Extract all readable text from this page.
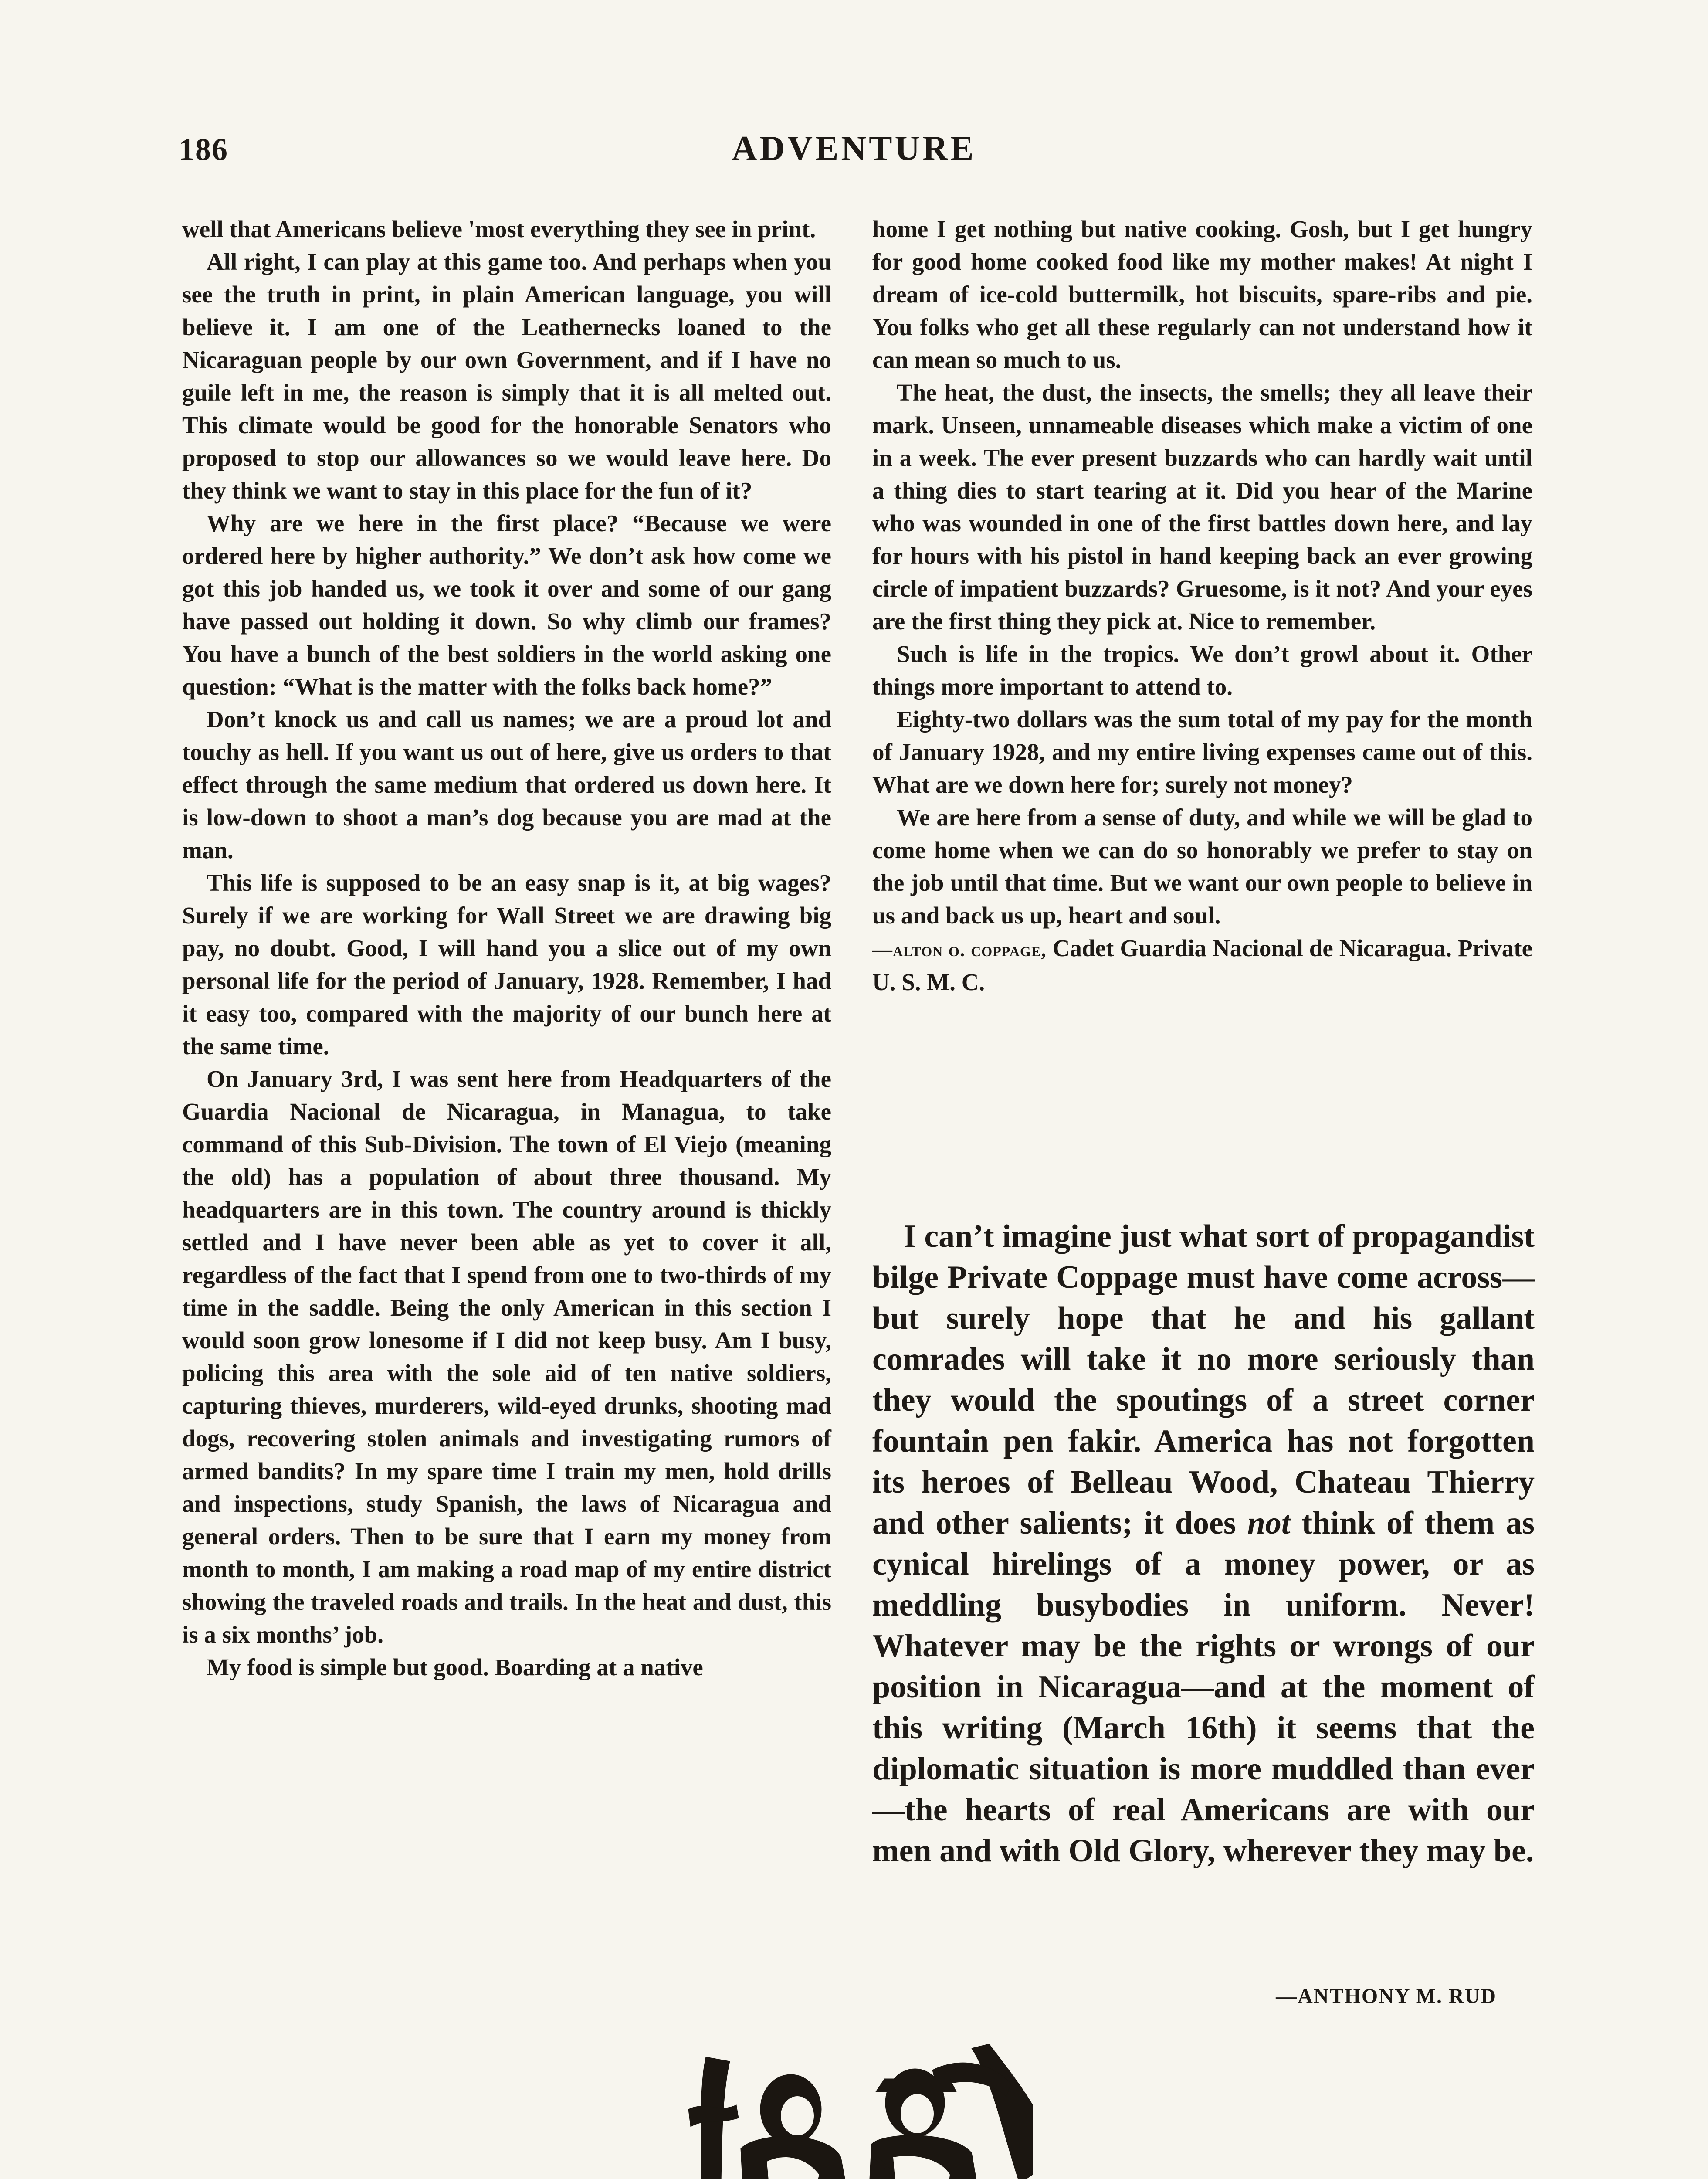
186	ADVENTURE

well that Americans believe 'most everything they see in print.

All right, I can play at this game too. And perhaps when you see the truth in print, in plain American language, you will believe it. I am one of the Leathernecks loaned to the Nicaraguan people by our own Government, and if I have no guile left in me, the reason is simply that it is all melted out. This climate would be good for the honorable Senators who proposed to stop our allowances so we would leave here. Do they think we want to stay in this place for the fun of it?

Why are we here in the first place? “Because we were ordered here by higher authority.” We don’t ask how come we got this job handed us, we took it over and some of our gang have passed out holding it down. So why climb our frames? You have a bunch of the best soldiers in the world asking one question: “What is the matter with the folks back home?”

Don’t knock us and call us names; we are a proud lot and touchy as hell. If you want us out of here, give us orders to that effect through the same medium that ordered us down here. It is low-down to shoot a man’s dog because you are mad at the man.

This life is supposed to be an easy snap is it, at big wages? Surely if we are working for Wall Street we are drawing big pay, no doubt. Good, I will hand you a slice out of my own personal life for the period of January, 1928. Remember, I had it easy too, compared with the majority of our bunch here at the same time.

On January 3rd, I was sent here from Headquarters of the Guardia Nacional de Nicaragua, in Managua, to take command of this Sub-Division. The town of El Viejo (meaning the old) has a population of about three thousand. My headquarters are in this town. The country around is thickly settled and I have never been able as yet to cover it all, regardless of the fact that I spend from one to two-thirds of my time in the saddle. Being the only American in this section I would soon grow lonesome if I did not keep busy. Am I busy, policing this area with the sole aid of ten native soldiers, capturing thieves, murderers, wild-eyed drunks, shooting mad dogs, recovering stolen animals and investigating rumors of armed bandits? In my spare time I train my men, hold drills and inspections, study Spanish, the laws of Nicaragua and general orders. Then to be sure that I earn my money from month to month, I am making a road map of my entire district showing the traveled roads and trails. In the heat and dust, this is a six months’ job.

My food is simple but good. Boarding at a native

home I get nothing but native cooking. Gosh, but I get hungry for good home cooked food like my mother makes! At night I dream of ice-cold buttermilk, hot biscuits, spare-ribs and pie. You folks who get all these regularly can not understand how it can mean so much to us.

The heat, the dust, the insects, the smells; they all leave their mark. Unseen, unnameable diseases which make a victim of one in a week. The ever present buzzards who can hardly wait until a thing dies to start tearing at it. Did you hear of the Marine who was wounded in one of the first battles down here, and lay for hours with his pistol in hand keeping back an ever growing circle of impatient buzzards? Gruesome, is it not? And your eyes are the first thing they pick at. Nice to remember.

Such is life in the tropics. We don’t growl about it. Other things more important to attend to.

Eighty-two dollars was the sum total of my pay for the month of January 1928, and my entire living expenses came out of this. What are we down here for; surely not money?

We are here from a sense of duty, and while we will be glad to come home when we can do so honorably we prefer to stay on the job until that time. But we want our own people to believe in us and back us up, heart and soul.

—alton o. coppage, Cadet Guardia Nacional de Nicaragua. Private U. S. M. C.

I can’t imagine just what sort of propagandist bilge Private Coppage must have come across—but surely hope that he and his gallant comrades will take it no more seriously than they would the spoutings of a street corner fountain pen fakir. America has not forgotten its heroes of Belleau Wood, Chateau Thierry and other salients; it does not think of them as cynical hirelings of a money power, or as meddling busybodies in uniform. Never! Whatever may be the rights or wrongs of our position in Nicaragua—and at the moment of this writing (March 16th) it seems that the diplomatic situation is more muddled than ever—the hearts of real Americans are with our men and with Old Glory, wherever they may be.

—ANTHONY M. RUD
